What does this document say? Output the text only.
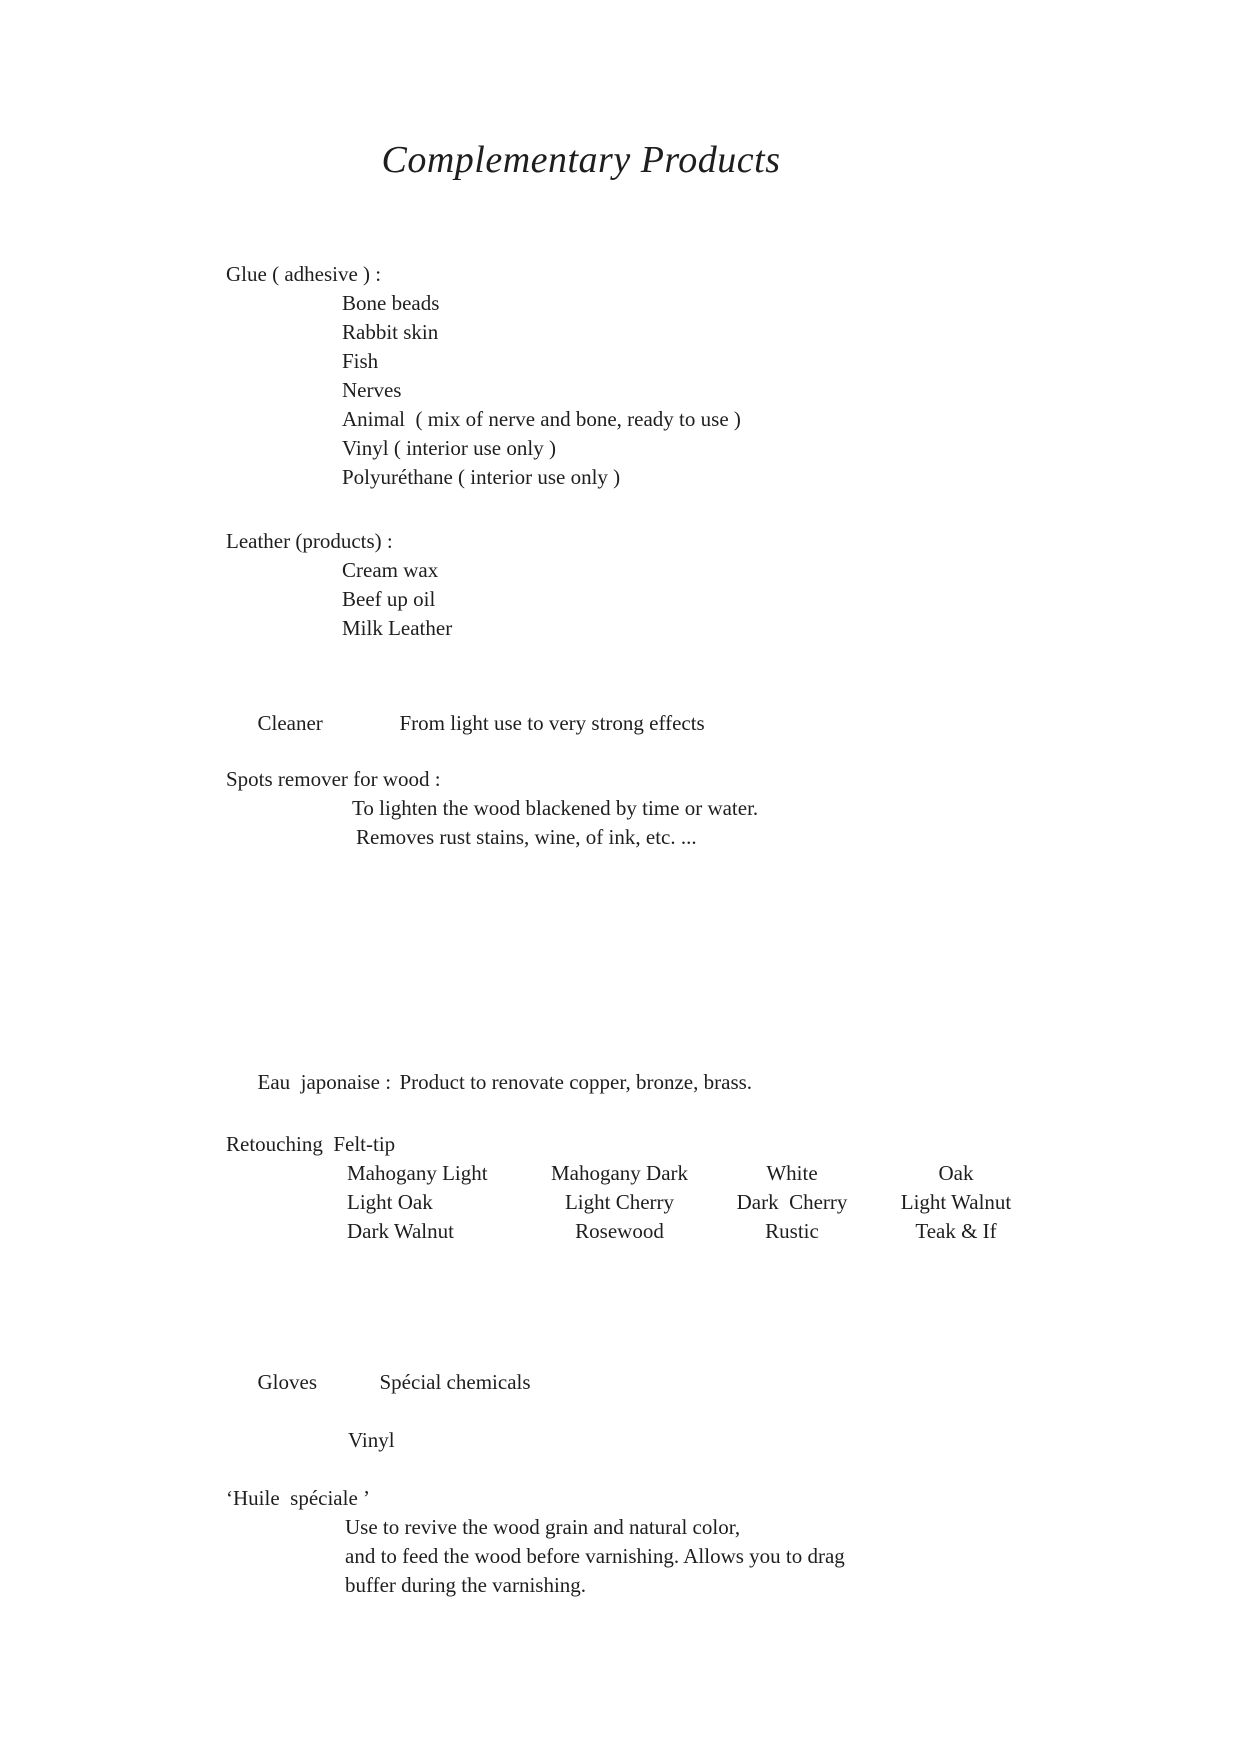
Complementary Products
Glue ( adhesive ) :
Bone beads
Rabbit skin
Fish
Nerves
Animal  ( mix of nerve and bone, ready to use )
Vinyl ( interior use only )
Polyuréthane ( interior use only )
Leather (products) :
Cream wax
Beef up oil
Milk Leather

Cleaner	From light use to very strong effects

Spots remover for wood :
To lighten the wood blackened by time or water.
Removes rust stains, wine, of ink, etc. ...

Eau  japonaise : Product to renovate copper, bronze, brass.

Retouching  Felt-tip
Mahogany Light	Mahogany Dark	White	Oak
Light Oak	Light Cherry	Dark  Cherry	Light Walnut
Dark Walnut	Rosewood	Rustic	Teak & If

Gloves	Spécial chemicals

Vinyl
‘Huile  spéciale ’
Use to revive the wood grain and natural color,
and to feed the wood before varnishing. Allows you to drag
buffer during the varnishing.
